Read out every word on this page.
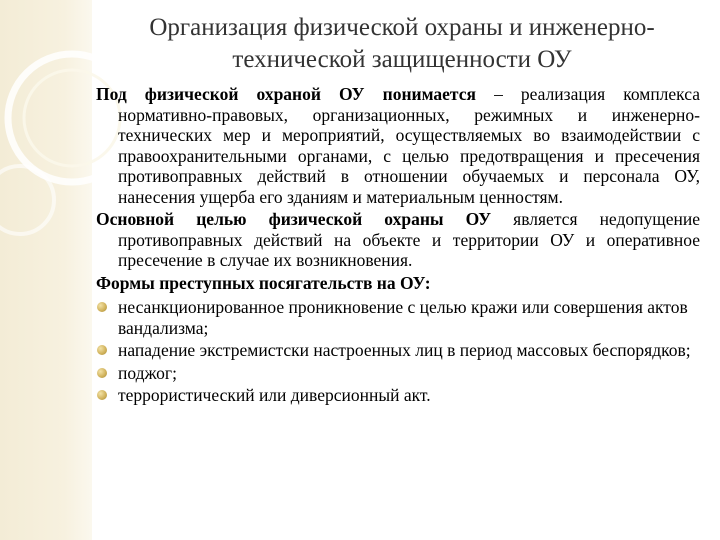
Организация физической охраны и инженерно-
технической защищенности ОУ

Под физической охраной ОУ понимается – реализация комплекса нормативно-правовых, организационных, режимных и инженерно-технических мер и мероприятий, осуществляемых во взаимодействии с правоохранительными органами, с целью предотвращения и пресечения противоправных действий в отношении обучаемых и персонала ОУ, нанесения ущерба его зданиям и материальным ценностям.

Основной целью физической охраны ОУ является недопущение противоправных действий на объекте и территории ОУ и оперативное пресечение в случае их возникновения.

Формы преступных посягательств на ОУ:
несанкционированное проникновение с целью кражи или совершения актов вандализма;
нападение экстремистски настроенных лиц в период массовых беспорядков;
поджог;
террористический или диверсионный акт.
